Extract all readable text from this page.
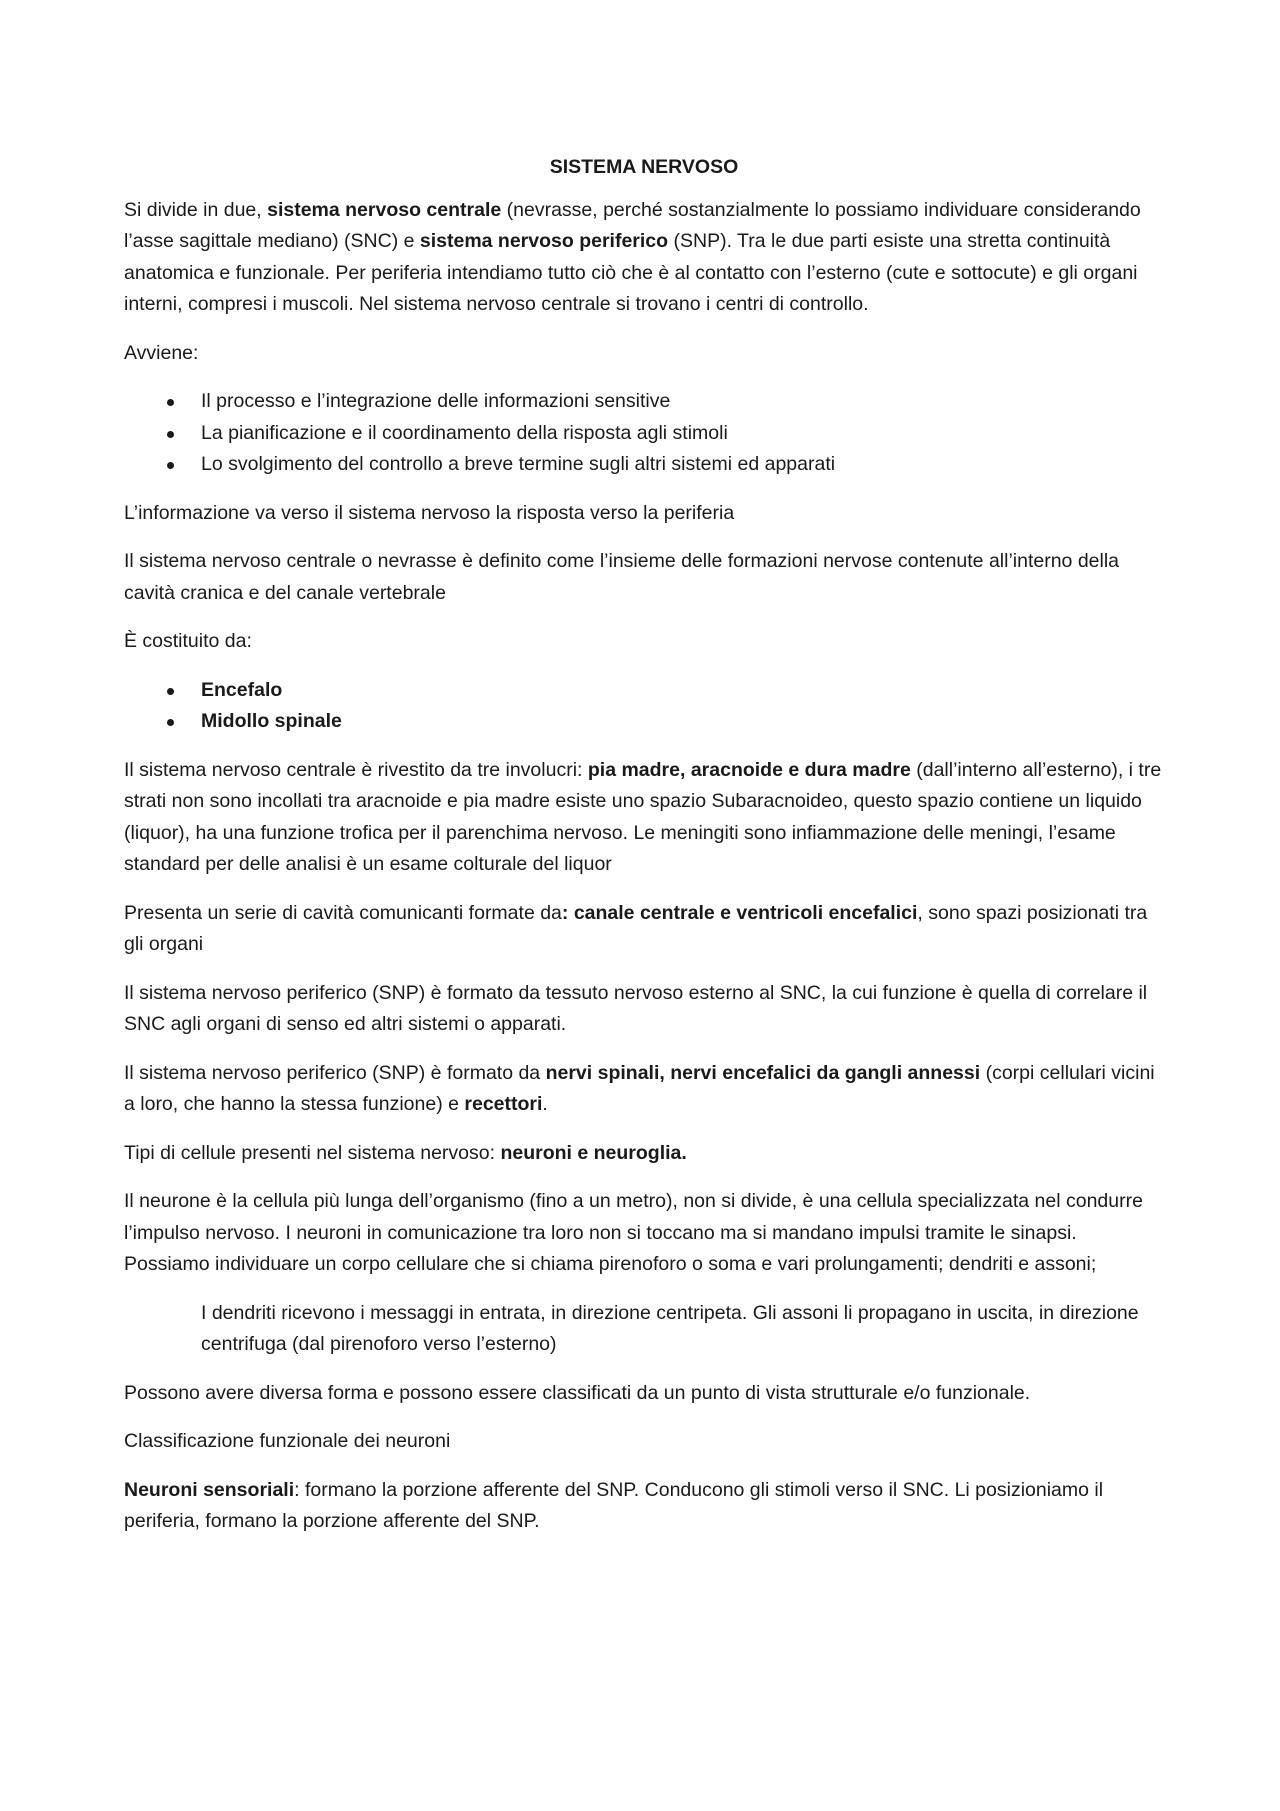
SISTEMA NERVOSO

Si divide in due, sistema nervoso centrale (nevrasse, perché sostanzialmente lo possiamo individuare considerando l’asse sagittale mediano) (SNC) e sistema nervoso periferico (SNP). Tra le due parti esiste una stretta continuità anatomica e funzionale. Per periferia intendiamo tutto ciò che è al contatto con l’esterno (cute e sottocute) e gli organi interni, compresi i muscoli. Nel sistema nervoso centrale si trovano i centri di controllo.

Avviene:

Il processo e l’integrazione delle informazioni sensitive
La pianificazione e il coordinamento della risposta agli stimoli
Lo svolgimento del controllo a breve termine sugli altri sistemi ed apparati

L’informazione va verso il sistema nervoso la risposta verso la periferia

Il sistema nervoso centrale o nevrasse è definito come l’insieme delle formazioni nervose contenute all’interno della cavità cranica e del canale vertebrale

È costituito da:

Encefalo
Midollo spinale

Il sistema nervoso centrale è rivestito da tre involucri: pia madre, aracnoide e dura madre (dall’interno all’esterno), i tre strati non sono incollati tra aracnoide e pia madre esiste uno spazio Subaracnoideo, questo spazio contiene un liquido (liquor), ha una funzione trofica per il parenchima nervoso. Le meningiti sono infiammazione delle meningi, l’esame standard per delle analisi è un esame colturale del liquor

Presenta un serie di cavità comunicanti formate da: canale centrale e ventricoli encefalici, sono spazi posizionati tra gli organi

Il sistema nervoso periferico (SNP) è formato da tessuto nervoso esterno al SNC, la cui funzione è quella di correlare il SNC agli organi di senso ed altri sistemi o apparati.

Il sistema nervoso periferico (SNP) è formato da nervi spinali, nervi encefalici da gangli annessi (corpi cellulari vicini a loro, che hanno la stessa funzione) e recettori.

Tipi di cellule presenti nel sistema nervoso: neuroni e neuroglia.

Il neurone è la cellula più lunga dell’organismo (fino a un metro), non si divide, è una cellula specializzata nel condurre l’impulso nervoso. I neuroni in comunicazione tra loro non si toccano ma si mandano impulsi tramite le sinapsi. Possiamo individuare un corpo cellulare che si chiama pirenoforo o soma e vari prolungamenti; dendriti e assoni;

I dendriti ricevono i messaggi in entrata, in direzione centripeta. Gli assoni li propagano in uscita, in direzione centrifuga (dal pirenoforo verso l’esterno)

Possono avere diversa forma e possono essere classificati da un punto di vista strutturale e/o funzionale.

Classificazione funzionale dei neuroni

Neuroni sensoriali: formano la porzione afferente del SNP. Conducono gli stimoli verso il SNC. Li posizioniamo il periferia, formano la porzione afferente del SNP.
